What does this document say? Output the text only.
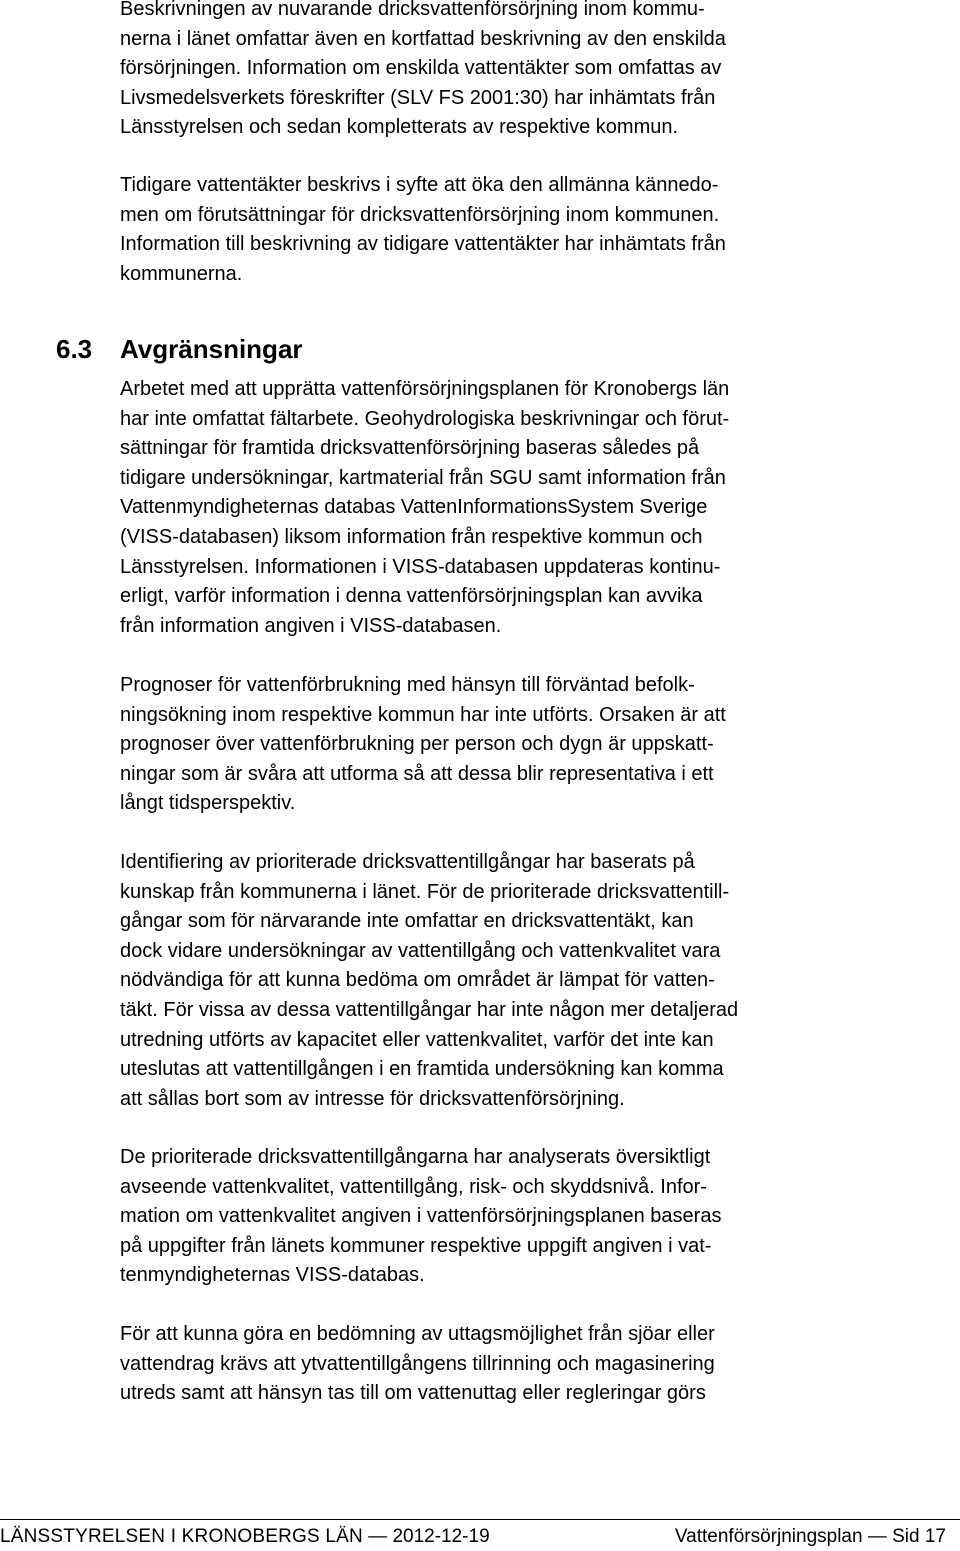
Beskrivningen av nuvarande dricksvattenförsörjning inom kommu-
nerna i länet omfattar även en kortfattad beskrivning av den enskilda
försörjningen. Information om enskilda vattentäkter som omfattas av
Livsmedelsverkets föreskrifter (SLV FS 2001:30) har inhämtats från
Länsstyrelsen och sedan kompletterats av respektive kommun.

Tidigare vattentäkter beskrivs i syfte att öka den allmänna kännedo-
men om förutsättningar för dricksvattenförsörjning inom kommunen.
Information till beskrivning av tidigare vattentäkter har inhämtats från
kommunerna.

6.3 Avgränsningar

Arbetet med att upprätta vattenförsörjningsplanen för Kronobergs län
har inte omfattat fältarbete. Geohydrologiska beskrivningar och förut-
sättningar för framtida dricksvattenförsörjning baseras således på
tidigare undersökningar, kartmaterial från SGU samt information från
Vattenmyndigheternas databas VattenInformationsSystem Sverige
(VISS-databasen) liksom information från respektive kommun och
Länsstyrelsen. Informationen i VISS-databasen uppdateras kontinu-
erligt, varför information i denna vattenförsörjningsplan kan avvika
från information angiven i VISS-databasen.

Prognoser för vattenförbrukning med hänsyn till förväntad befolk-
ningsökning inom respektive kommun har inte utförts. Orsaken är att
prognoser över vattenförbrukning per person och dygn är uppskatt-
ningar som är svåra att utforma så att dessa blir representativa i ett
långt tidsperspektiv.

Identifiering av prioriterade dricksvattentillgångar har baserats på
kunskap från kommunerna i länet. För de prioriterade dricksvattentill-
gångar som för närvarande inte omfattar en dricksvattentäkt, kan
dock vidare undersökningar av vattentillgång och vattenkvalitet vara
nödvändiga för att kunna bedöma om området är lämpat för vatten-
täkt. För vissa av dessa vattentillgångar har inte någon mer detaljerad
utredning utförts av kapacitet eller vattenkvalitet, varför det inte kan
uteslutas att vattentillgången i en framtida undersökning kan komma
att sållas bort som av intresse för dricksvattenförsörjning.

De prioriterade dricksvattentillgångarna har analyserats översiktligt
avseende vattenkvalitet, vattentillgång, risk- och skyddsnivå. Infor-
mation om vattenkvalitet angiven i vattenförsörjningsplanen baseras
på uppgifter från länets kommuner respektive uppgift angiven i vat-
tenmyndigheternas VISS-databas.

För att kunna göra en bedömning av uttagsmöjlighet från sjöar eller
vattendrag krävs att ytvattentillgångens tillrinning och magasinering
utreds samt att hänsyn tas till om vattenuttag eller regleringar görs

LÄNSSTYRELSEN I KRONOBERGS LÄN — 2012-12-19	Vattenförsörjningsplan — Sid 17
